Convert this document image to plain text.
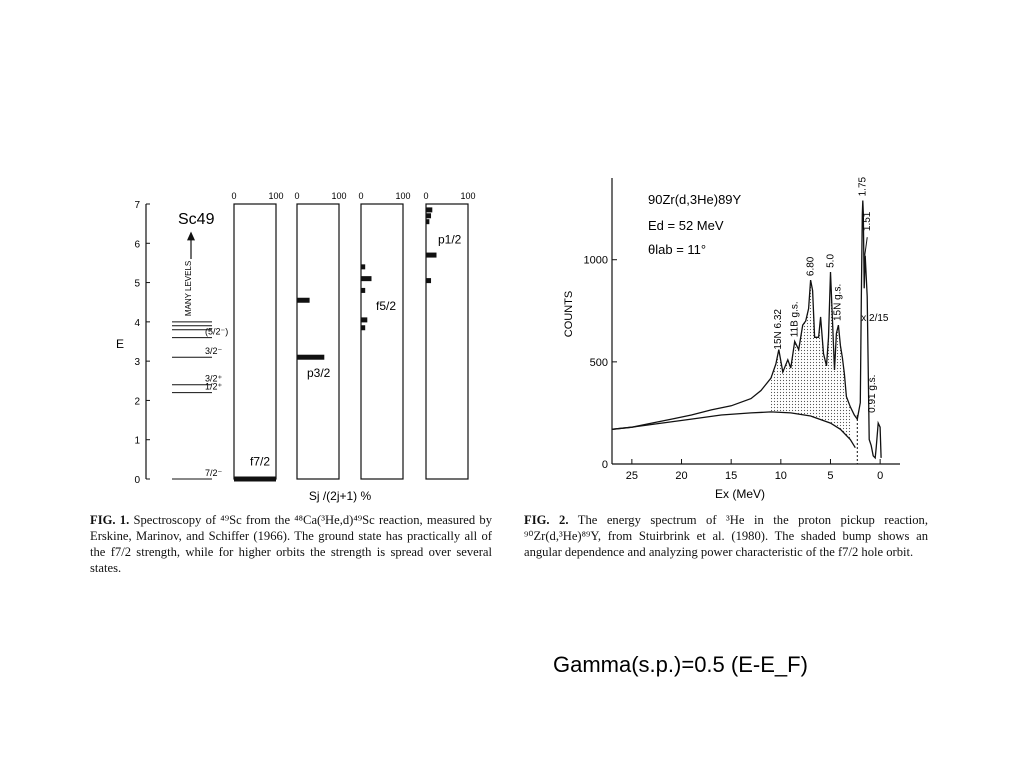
0
1
2
3
4
5
6
7
E
Sc49
7/2⁻
1/2⁺
3/2⁺
3/2⁻
(5/2⁻)
MANY LEVELS
0	100
f7/2
0	100
p3/2
0	100
f5/2
0	100
p1/2
Sj /(2j+1) %
0
500
1000
25	20	15	10	5	0
15N 6.32 11B g.s.
6.80 5.0
15N g.s.
1.75
1.51
x 2/15
0.91 g.s.
90Zr(d,3He)89Y
Ed = 52 MeV
θlab = 11°
COUNTS
Ex (MeV)
FIG. 1. Spectroscopy of ⁴⁹Sc from the ⁴⁸Ca(³He,d)⁴⁹Sc reaction, measured by Erskine, Marinov, and Schiffer (1966). The ground state has practically all of the f7/2 strength, while for higher orbits the strength is spread over several states.
FIG. 2. The energy spectrum of ³He in the proton pickup reaction, ⁹⁰Zr(d,³He)⁸⁹Y, from Stuirbrink et al. (1980). The shaded bump shows an angular dependence and analyzing power characteristic of the f7/2 hole orbit.
Gamma(s.p.)=0.5 (E-E_F)
